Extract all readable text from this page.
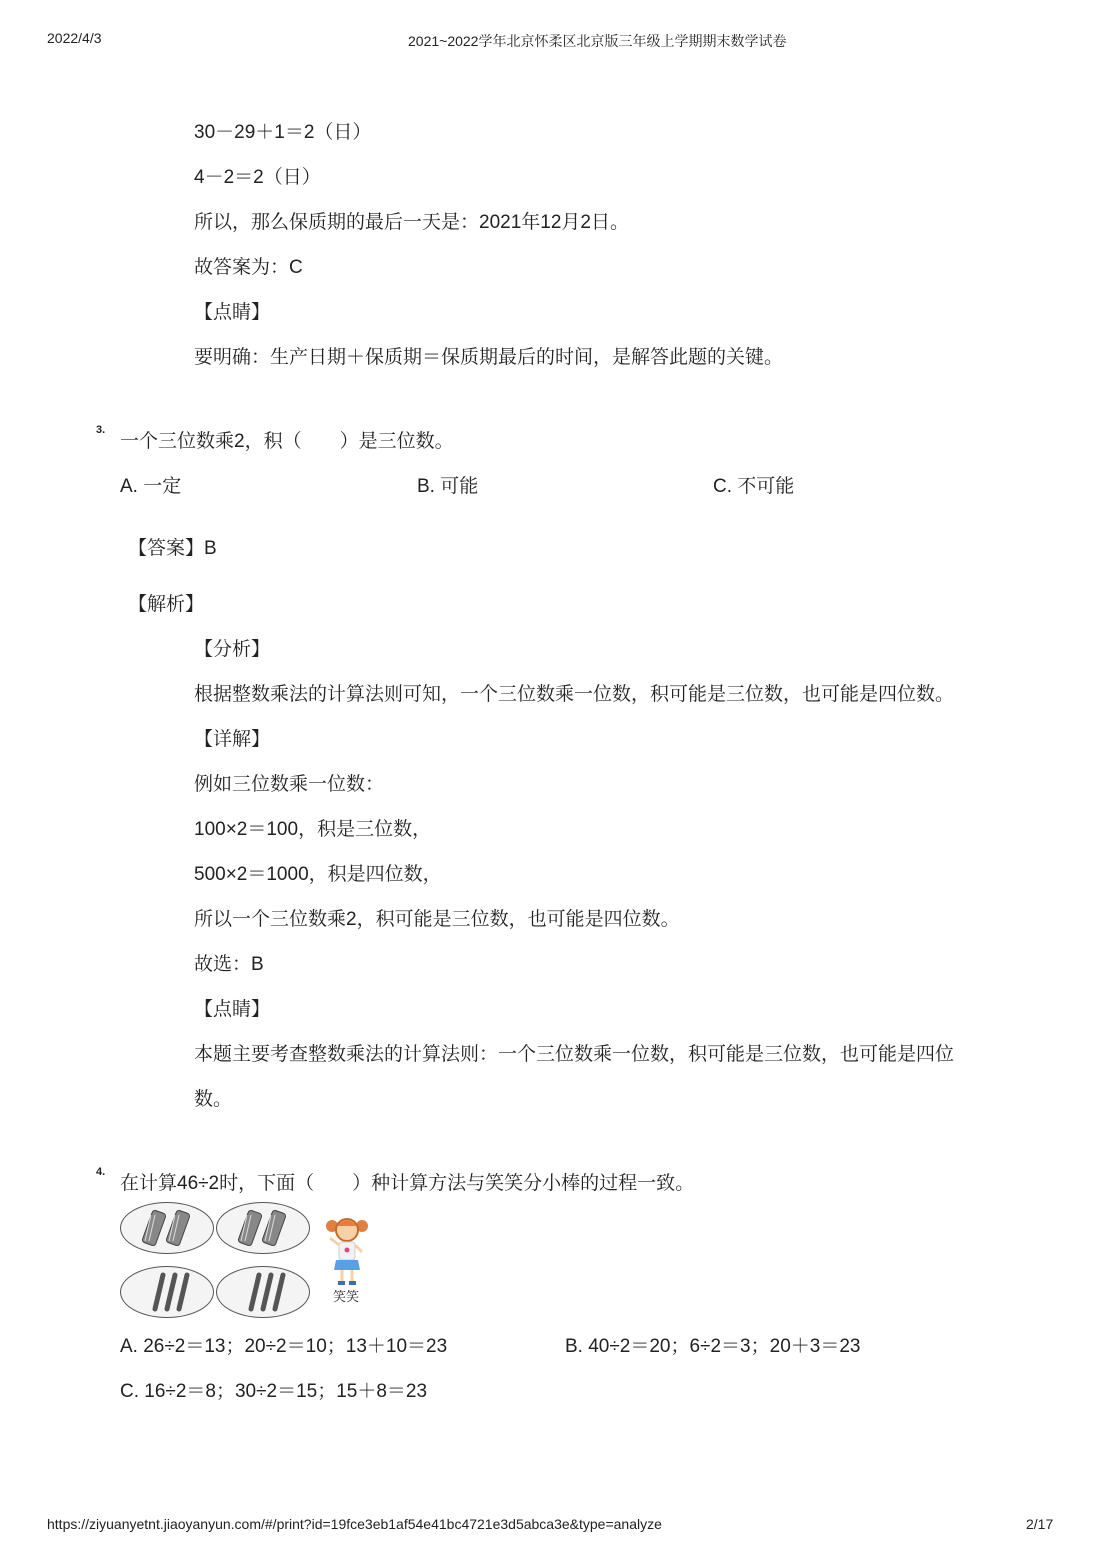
2022/4/3	2021~2022学年北京怀柔区北京版三年级上学期期末数学试卷
30－29＋1＝2（日）
4－2＝2（日）
所以，那么保质期的最后一天是：2021年12月2日。
故答案为：C
【点睛】
要明确：生产日期＋保质期＝保质期最后的时间，是解答此题的关键。
3.
一个三位数乘2，积（　　）是三位数。
A. 一定	B. 可能	C. 不可能
【答案】B
【解析】
【分析】
根据整数乘法的计算法则可知，一个三位数乘一位数，积可能是三位数，也可能是四位数。
【详解】
例如三位数乘一位数：
100×2＝100，积是三位数，
500×2＝1000，积是四位数，
所以一个三位数乘2，积可能是三位数，也可能是四位数。
故选：B
【点睛】
本题主要考查整数乘法的计算法则：一个三位数乘一位数，积可能是三位数，也可能是四位
数。
4.
在计算46÷2时，下面（　　）种计算方法与笑笑分小棒的过程一致。
笑笑
A. 26÷2＝13；20÷2＝10；13＋10＝23	B. 40÷2＝20；6÷2＝3；20＋3＝23
C. 16÷2＝8；30÷2＝15；15＋8＝23
https://ziyuanyetnt.jiaoyanyun.com/#/print?id=19fce3eb1af54e41bc4721e3d5abca3e&type=analyze	2/17
